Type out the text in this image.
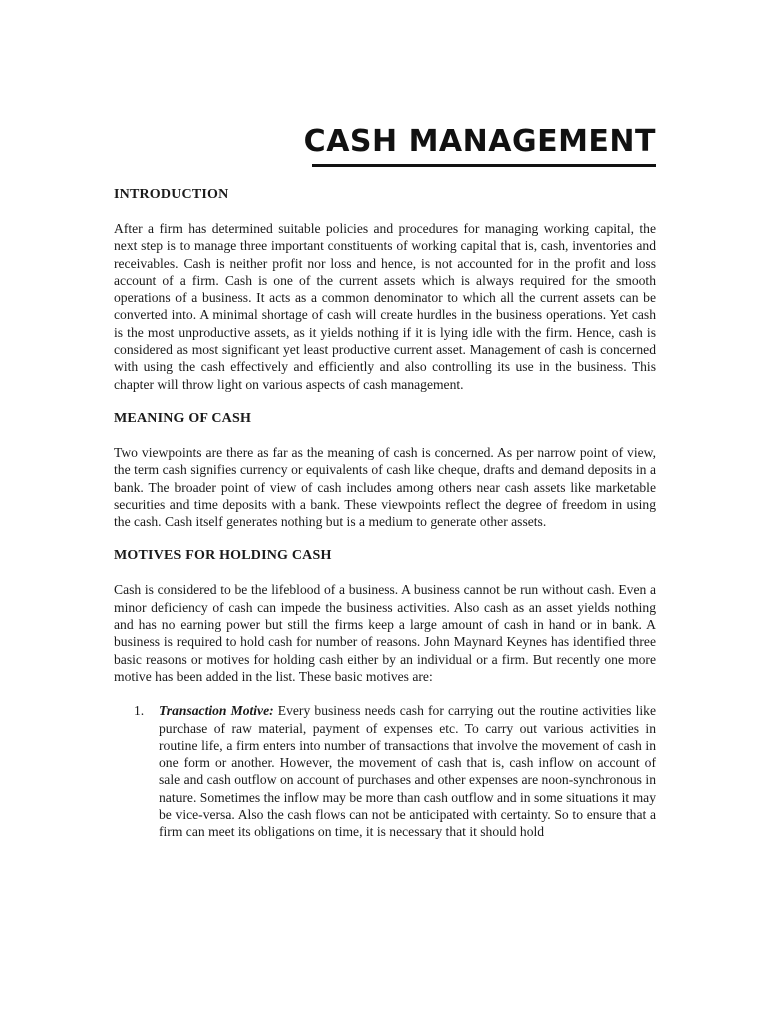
CASH MANAGEMENT
INTRODUCTION

After a firm has determined suitable policies and procedures for managing working capital, the next step is to manage three important constituents of working capital that is, cash, inventories and receivables. Cash is neither profit nor loss and hence, is not accounted for in the profit and loss account of a firm. Cash is one of the current assets which is always required for the smooth operations of a business. It acts as a common denominator to which all the current assets can be converted into. A minimal shortage of cash will create hurdles in the business operations. Yet cash is the most unproductive assets, as it yields nothing if it is lying idle with the firm. Hence, cash is considered as most significant yet least productive current asset. Management of cash is concerned with using the cash effectively and efficiently and also controlling its use in the business. This chapter will throw light on various aspects of cash management.

MEANING OF CASH

Two viewpoints are there as far as the meaning of cash is concerned. As per narrow point of view, the term cash signifies currency or equivalents of cash like cheque, drafts and demand deposits in a bank. The broader point of view of cash includes among others near cash assets like marketable securities and time deposits with a bank. These viewpoints reflect the degree of freedom in using the cash. Cash itself generates nothing but is a medium to generate other assets.

MOTIVES FOR HOLDING CASH

Cash is considered to be the lifeblood of a business. A business cannot be run without cash. Even a minor deficiency of cash can impede the business activities. Also cash as an asset yields nothing and has no earning power but still the firms keep a large amount of cash in hand or in bank. A business is required to hold cash for number of reasons. John Maynard Keynes has identified three basic reasons or motives for holding cash either by an individual or a firm. But recently one more motive has been added in the list. These basic motives are:

1. Transaction Motive: Every business needs cash for carrying out the routine activities like purchase of raw material, payment of expenses etc. To carry out various activities in routine life, a firm enters into number of transactions that involve the movement of cash in one form or another. However, the movement of cash that is, cash inflow on account of sale and cash outflow on account of purchases and other expenses are noon-synchronous in nature. Sometimes the inflow may be more than cash outflow and in some situations it may be vice-versa. Also the cash flows can not be anticipated with certainty. So to ensure that a firm can meet its obligations on time, it is necessary that it should hold
